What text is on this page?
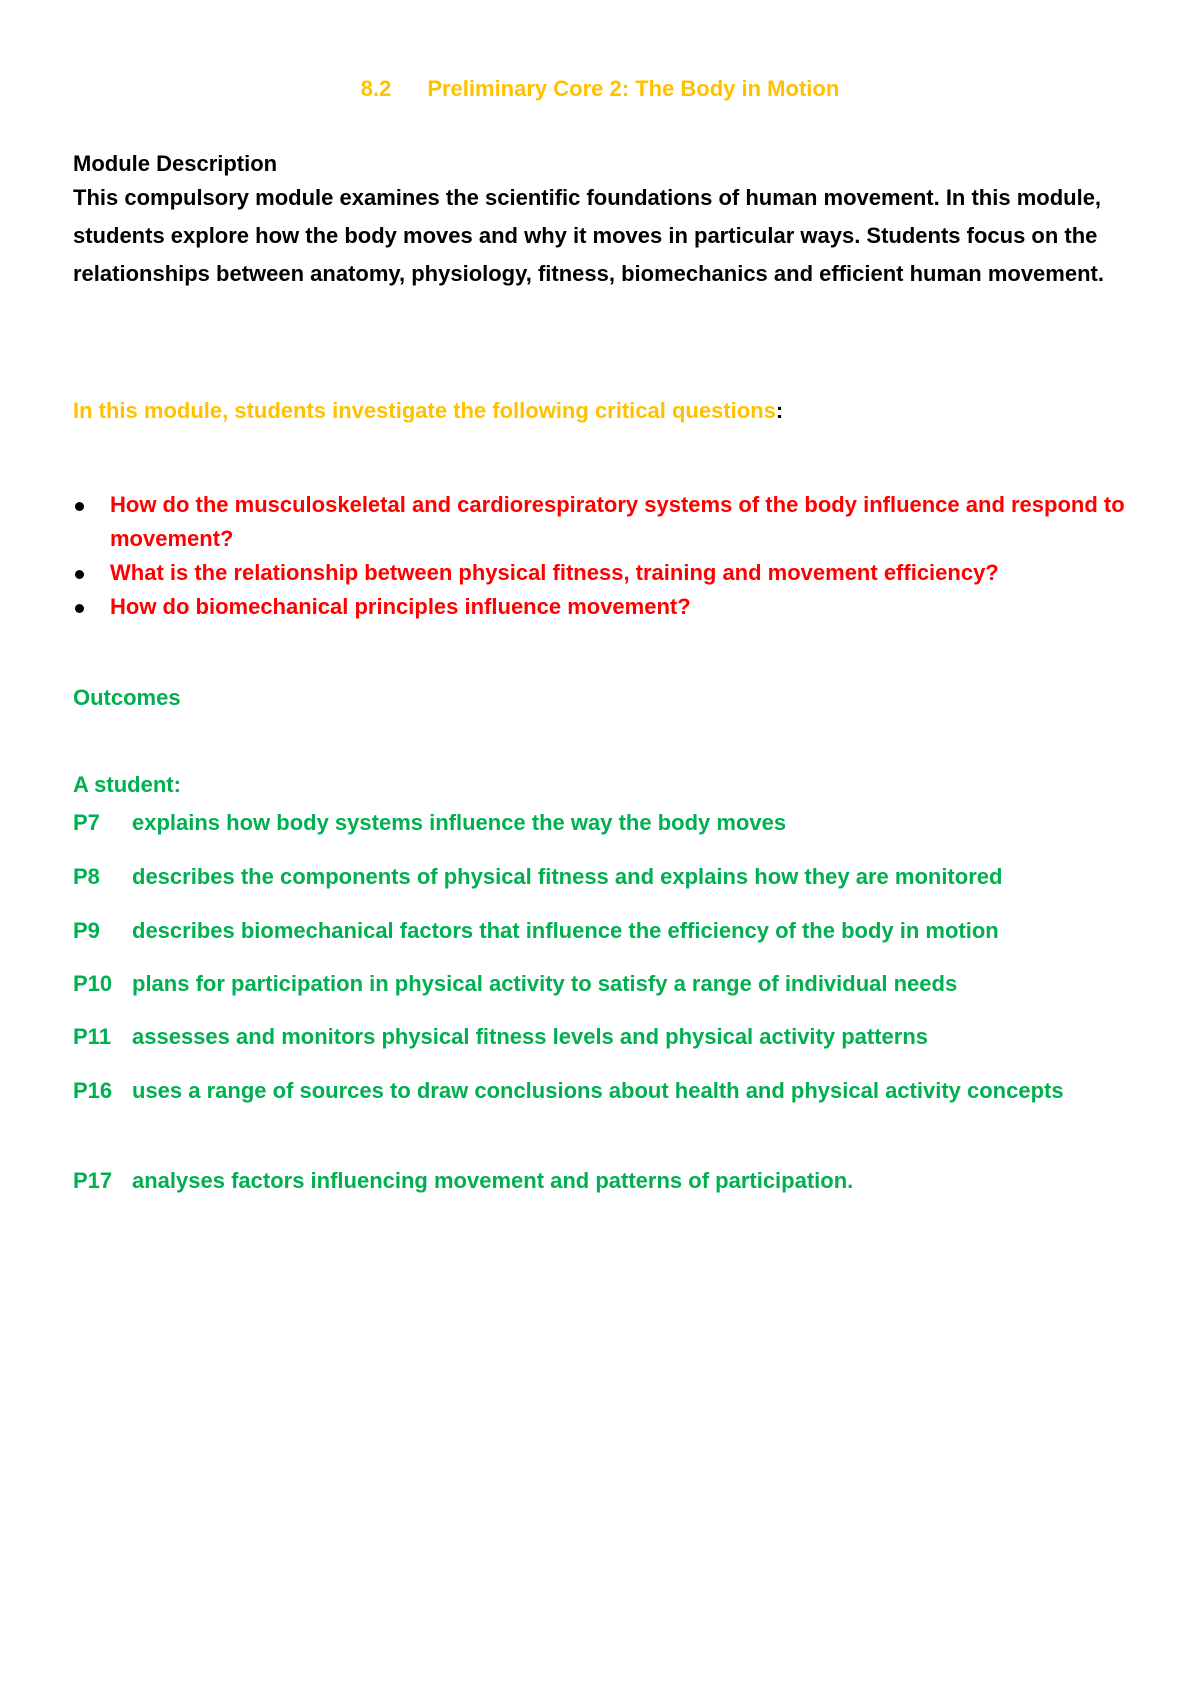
8.2 Preliminary Core 2: The Body in Motion
Module Description
This compulsory module examines the scientific foundations of human movement. In this module, students explore how the body moves and why it moves in particular ways. Students focus on the relationships between anatomy, physiology, fitness, biomechanics and efficient human movement.
In this module, students investigate the following critical questions:
How do the musculoskeletal and cardiorespiratory systems of the body influence and respond to movement?
What is the relationship between physical fitness, training and movement efficiency?
How do biomechanical principles influence movement?
Outcomes
A student:
P7	explains how body systems influence the way the body moves
P8	describes the components of physical fitness and explains how they are monitored
P9	describes biomechanical factors that influence the efficiency of the body in motion
P10 plans for participation in physical activity to satisfy a range of individual needs
P11 assesses and monitors physical fitness levels and physical activity patterns
P16 uses a range of sources to draw conclusions about health and physical activity concepts
P17 analyses factors influencing movement and patterns of participation.
